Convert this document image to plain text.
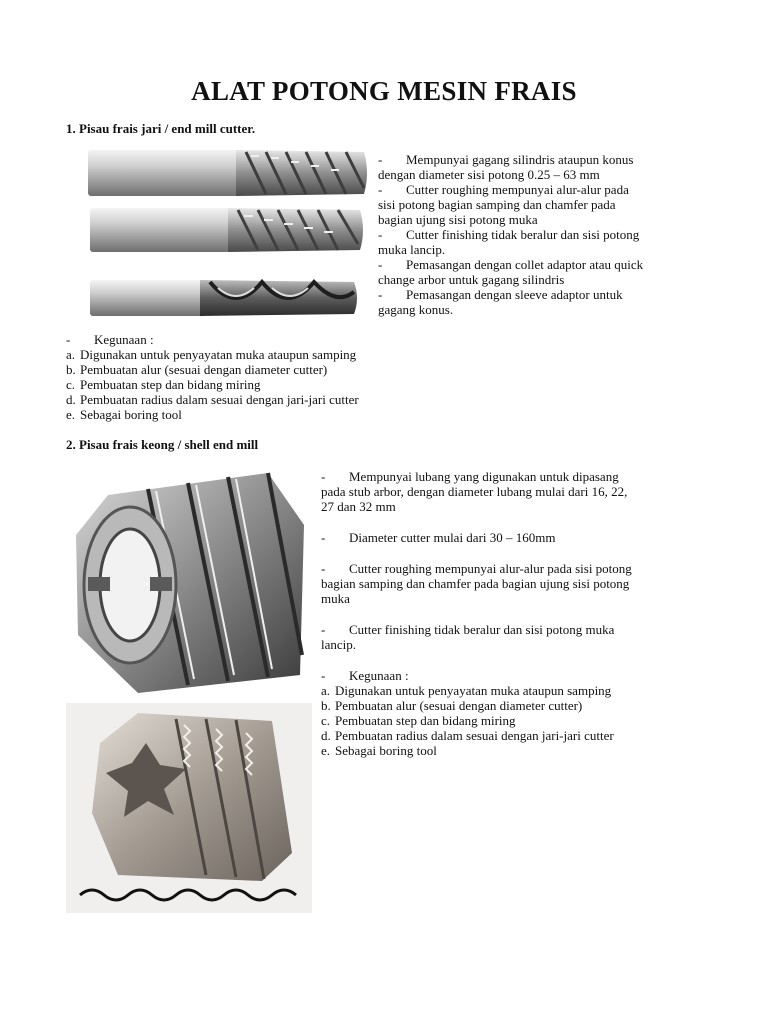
ALAT POTONG MESIN FRAIS
1. Pisau frais jari / end mill cutter.
- Mempunyai gagang silindris ataupun konus
dengan diameter sisi potong 0.25 – 63 mm
- Cutter roughing mempunyai alur-alur pada
sisi potong bagian samping dan chamfer pada
bagian ujung sisi potong muka
- Cutter finishing tidak beralur dan sisi potong
muka lancip.
- Pemasangan dengan collet adaptor atau quick
change arbor untuk gagang silindris
- Pemasangan dengan sleeve adaptor untuk
gagang konus.
- Kegunaan :
a. Digunakan untuk penyayatan muka ataupun samping
b. Pembuatan alur (sesuai dengan diameter cutter)
c. Pembuatan step dan bidang miring
d. Pembuatan radius dalam sesuai dengan jari-jari cutter
e. Sebagai boring tool
2. Pisau frais keong / shell end mill
- Mempunyai lubang yang digunakan untuk dipasang
pada stub arbor, dengan diameter lubang mulai dari 16, 22,
27 dan 32 mm
- Diameter cutter mulai dari 30 – 160mm
- Cutter roughing mempunyai alur-alur pada sisi potong
bagian samping dan chamfer pada bagian ujung sisi potong
muka
- Cutter finishing tidak beralur dan sisi potong muka
lancip.
- Kegunaan :
a. Digunakan untuk penyayatan muka ataupun samping
b. Pembuatan alur (sesuai dengan diameter cutter)
c. Pembuatan step dan bidang miring
d. Pembuatan radius dalam sesuai dengan jari-jari cutter
e. Sebagai boring tool
